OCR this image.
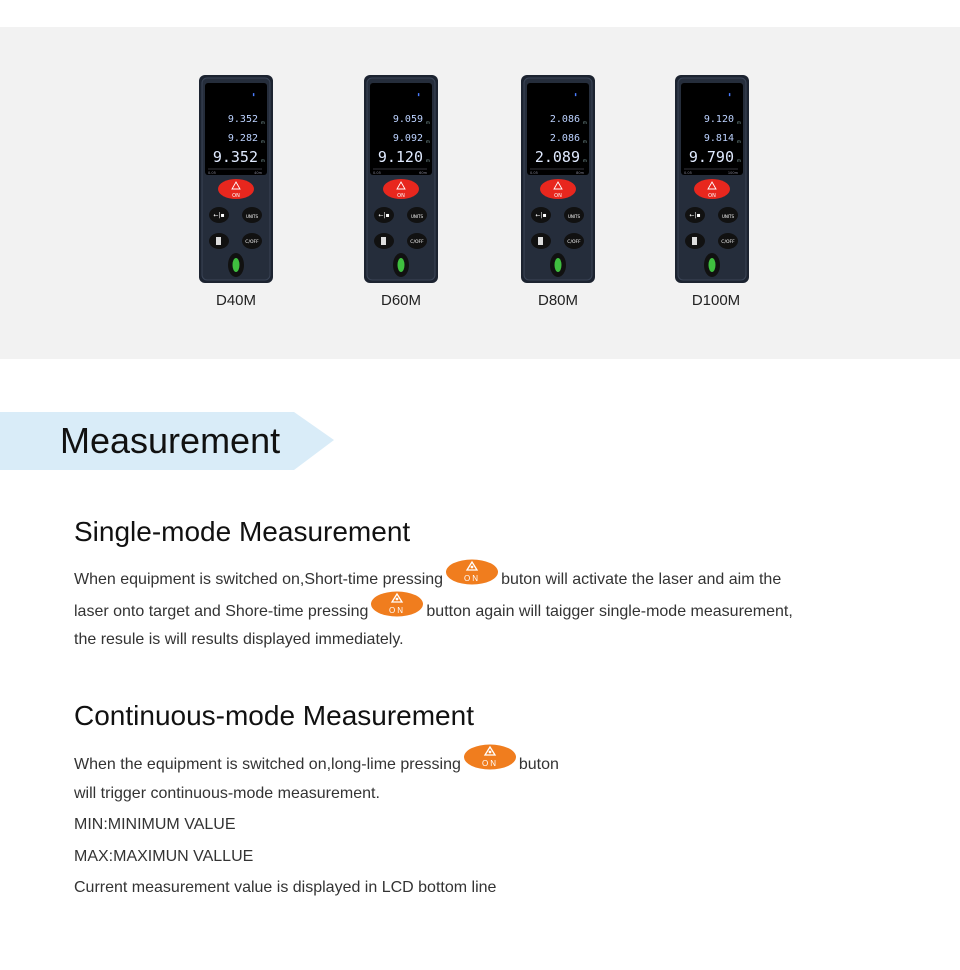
▮
9.352
9.282
9.352
m
m
m
0.05	40m
ON
←|▪	UNITS
C/OFF
▮
9.059
9.092
9.120
m
m
m
0.05	60m
ON
←|▪	UNITS
C/OFF
▮
2.086
2.086
2.089
m
m
m
0.05	80m
ON
←|▪	UNITS
C/OFF
▮
9.120
9.814
9.790
m
m
m
0.05	100m
ON
←|▪	UNITS
C/OFF
Measurement
Single-mode Measurement
When equipment is switched on,Short-time pressing	ON buton will activate the laser and aim the
laser onto target and Shore-time pressing	ON button again will taigger single-mode measurement,
the resule is will results displayed immediately.
Continuous-mode Measurement
When the equipment is switched on,long-lime pressing	ON buton
will trigger continuous-mode measurement.
MIN:MINIMUM VALUE
MAX:MAXIMUN VALLUE
Current measurement value is displayed in LCD bottom line
D40M	D60M	D80M	D100M
